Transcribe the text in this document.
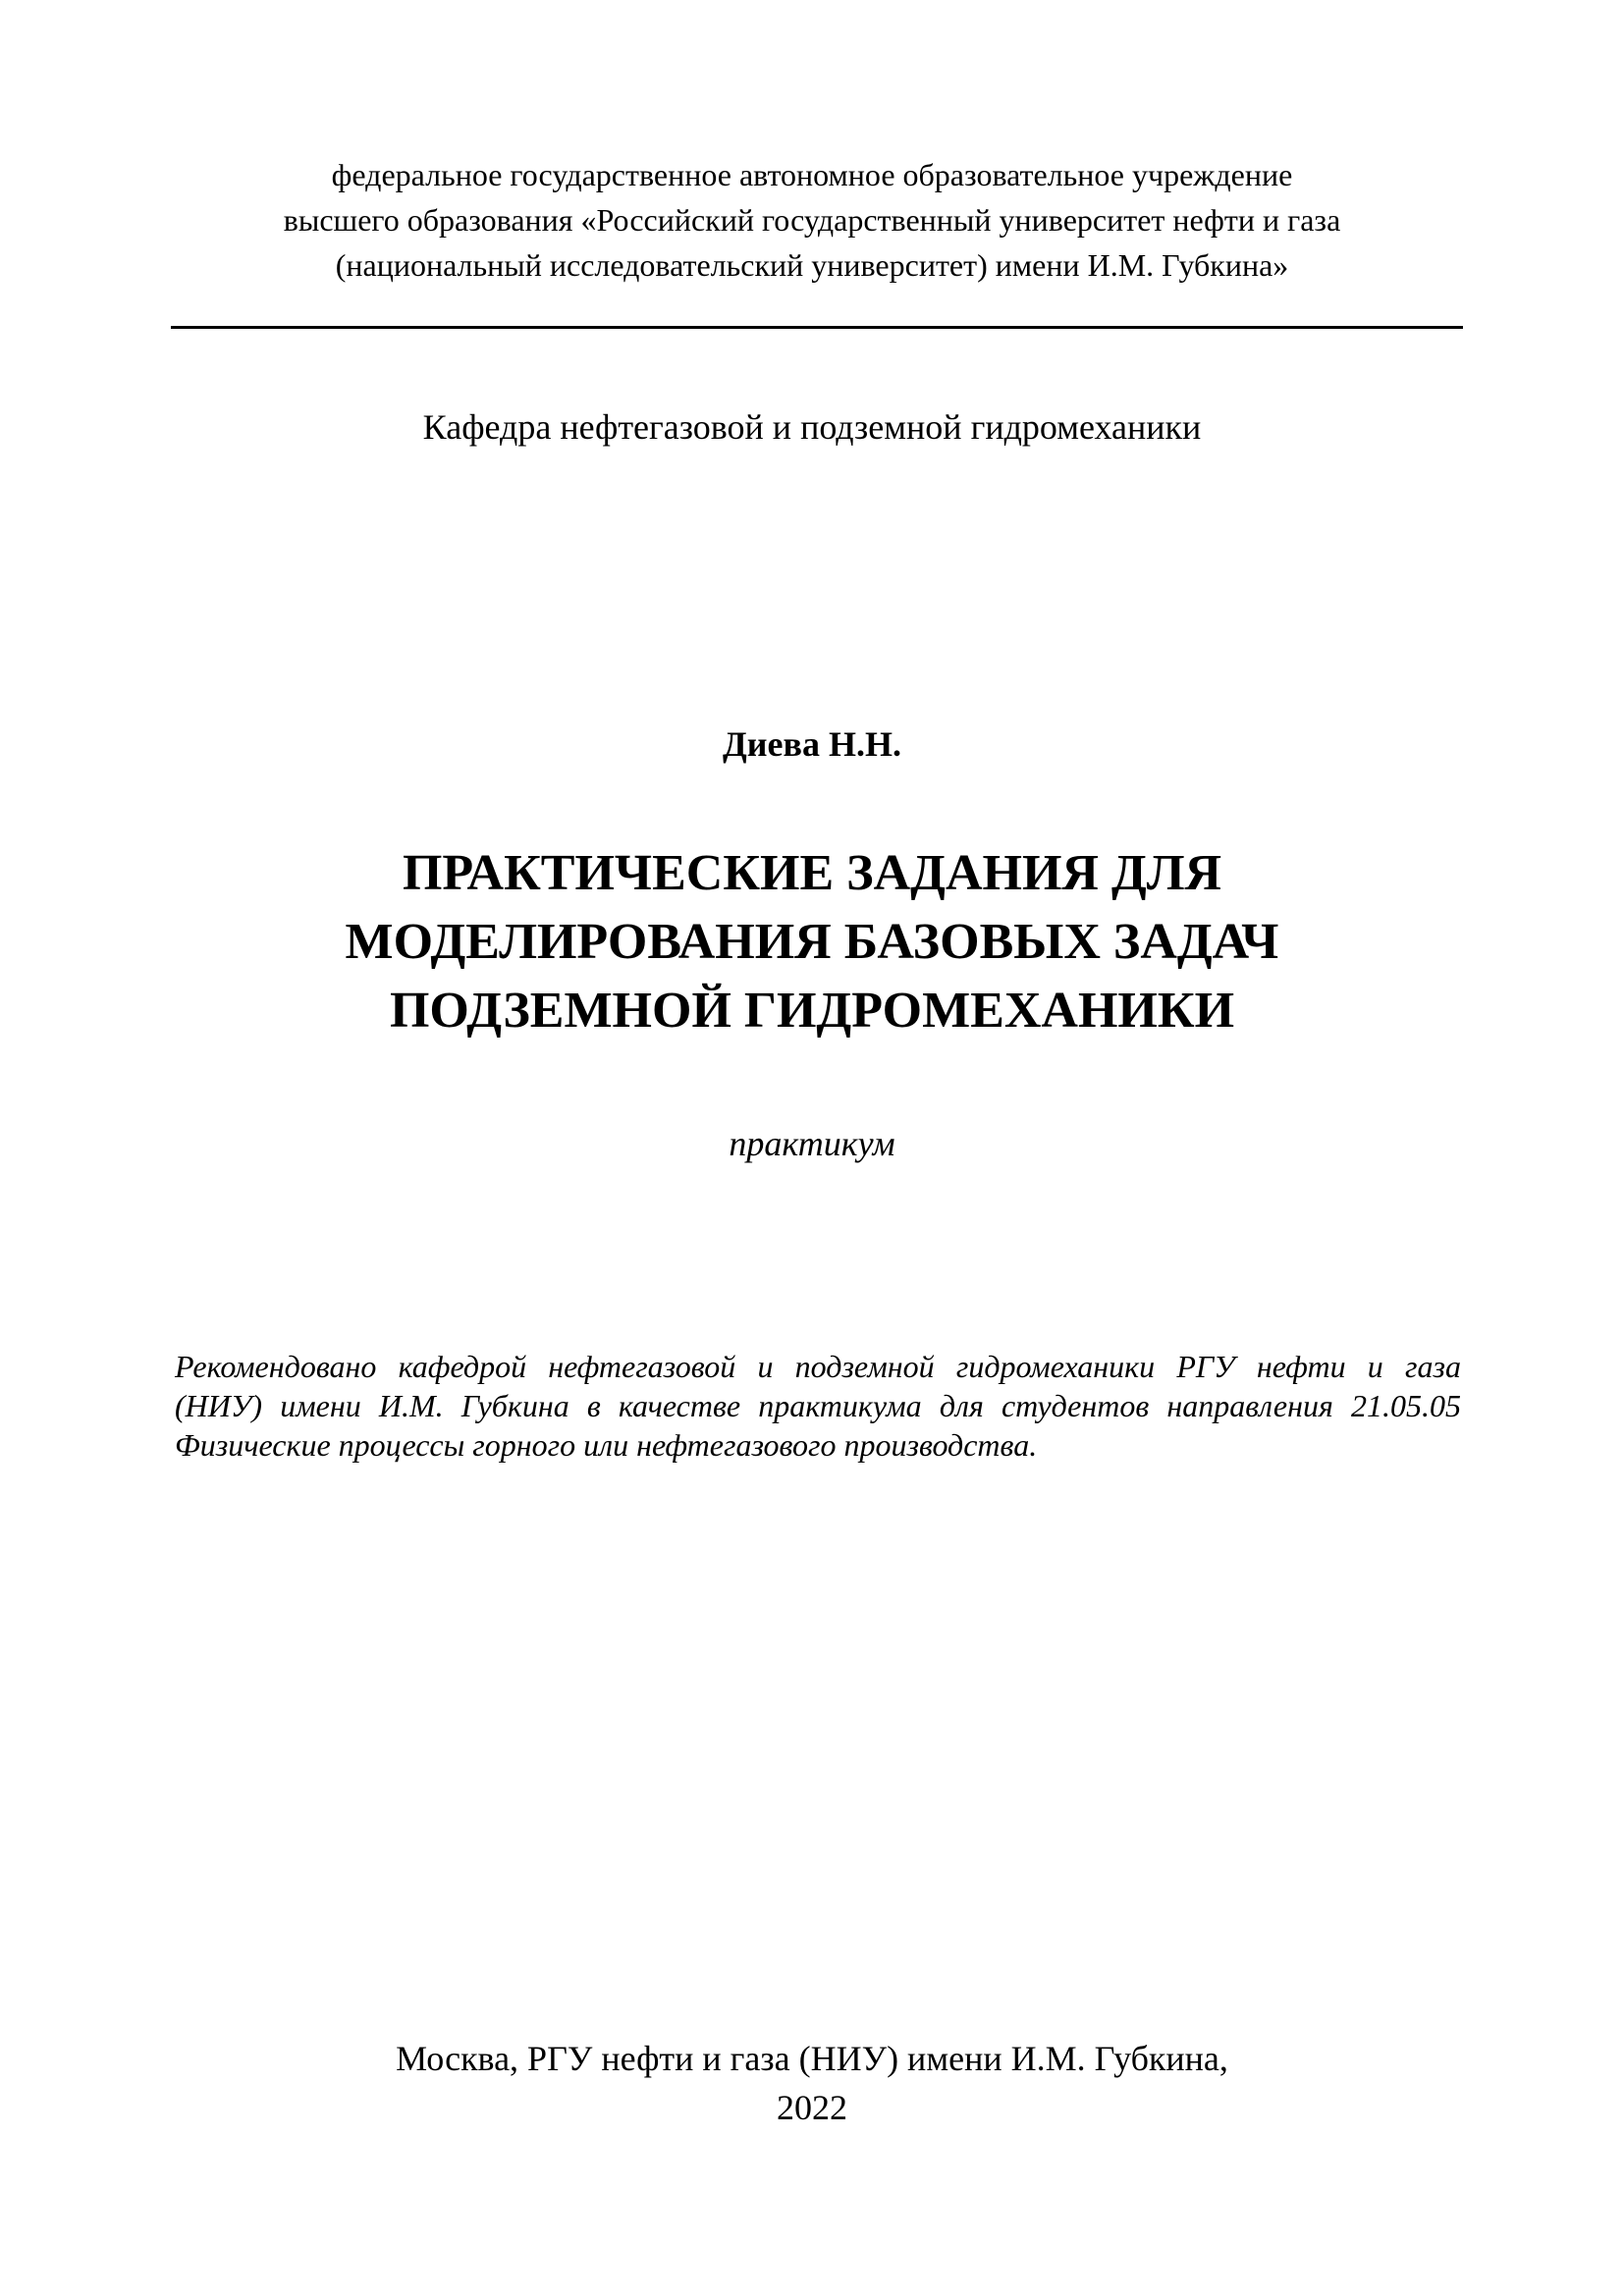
федеральное государственное автономное образовательное учреждение
высшего образования «Российский государственный университет нефти и газа
(национальный исследовательский университет) имени И.М. Губкина»
Кафедра нефтегазовой и подземной гидромеханики
Диева Н.Н.
ПРАКТИЧЕСКИЕ ЗАДАНИЯ ДЛЯ
МОДЕЛИРОВАНИЯ БАЗОВЫХ ЗАДАЧ
ПОДЗЕМНОЙ ГИДРОМЕХАНИКИ
практикум
Рекомендовано кафедрой нефтегазовой и подземной гидромеханики РГУ нефти и газа
(НИУ) имени И.М. Губкина в качестве практикума для студентов направления 21.05.05
Физические процессы горного или нефтегазового производства.
Москва, РГУ нефти и газа (НИУ) имени И.М. Губкина,
2022
